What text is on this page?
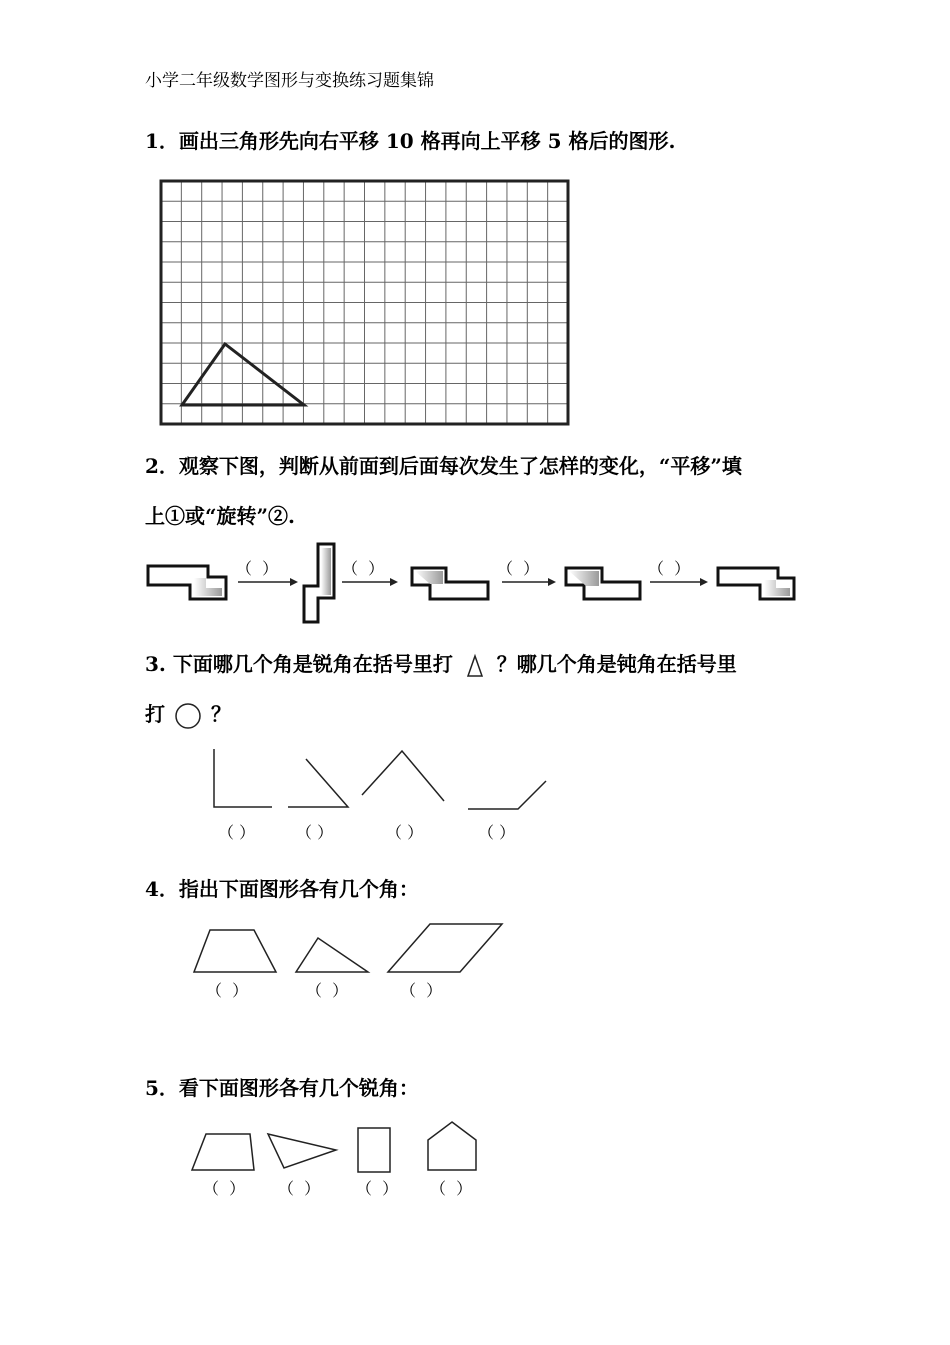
小学二年级数学图形与变换练习题集锦
1．画出三角形先向右平移 10 格再向上平移 5 格后的图形.
2．观察下图，判断从前面到后面每次发生了怎样的变化，“平移”填
上①或“旋转”②.
（  ）	（  ）	（  ）	（  ）
3. 下面哪几个角是锐角在括号里打 ？哪几个角是钝角在括号里
打 ○ ？
（ ）	（ ）	（ ）	（ ）
4．指出下面图形各有几个角：
（  ）	（  ）	（  ）
5．看下面图形各有几个锐角：
（  ） （  ） （  ） （  ）
